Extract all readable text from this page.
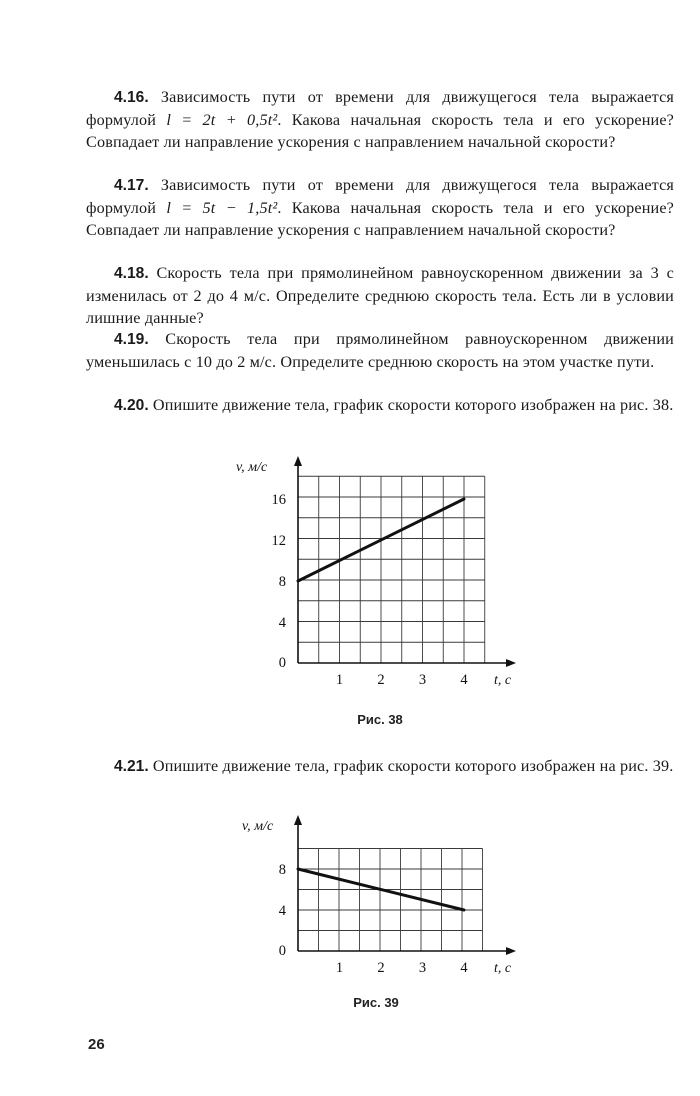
4.16. Зависимость пути от времени для движущегося тела выражается формулой l = 2t + 0,5t². Какова начальная скорость тела и его ускорение? Совпадает ли направление ускорения с направлением начальной скорости?

4.17. Зависимость пути от времени для движущегося тела выражается формулой l = 5t − 1,5t². Какова начальная скорость тела и его ускорение? Совпадает ли направление ускорения с направлением начальной скорости?

4.18. Скорость тела при прямолинейном равноускоренном движении за 3 с изменилась от 2 до 4 м/с. Определите среднюю скорость тела. Есть ли в условии лишние данные?

4.19. Скорость тела при прямолинейном равноускоренном движении уменьшилась с 10 до 2 м/с. Определите среднюю скорость на этом участке пути.

4.20. Опишите движение тела, график скорости которого изображен на рис. 38.

1 2 3 4
0
4
8
12
16
v, м/с
t, с
Рис. 38

4.21. Опишите движение тела, график скорости которого изображен на рис. 39.

1 2 3 4
0
4
8
v, м/с
t, с
Рис. 39
26
